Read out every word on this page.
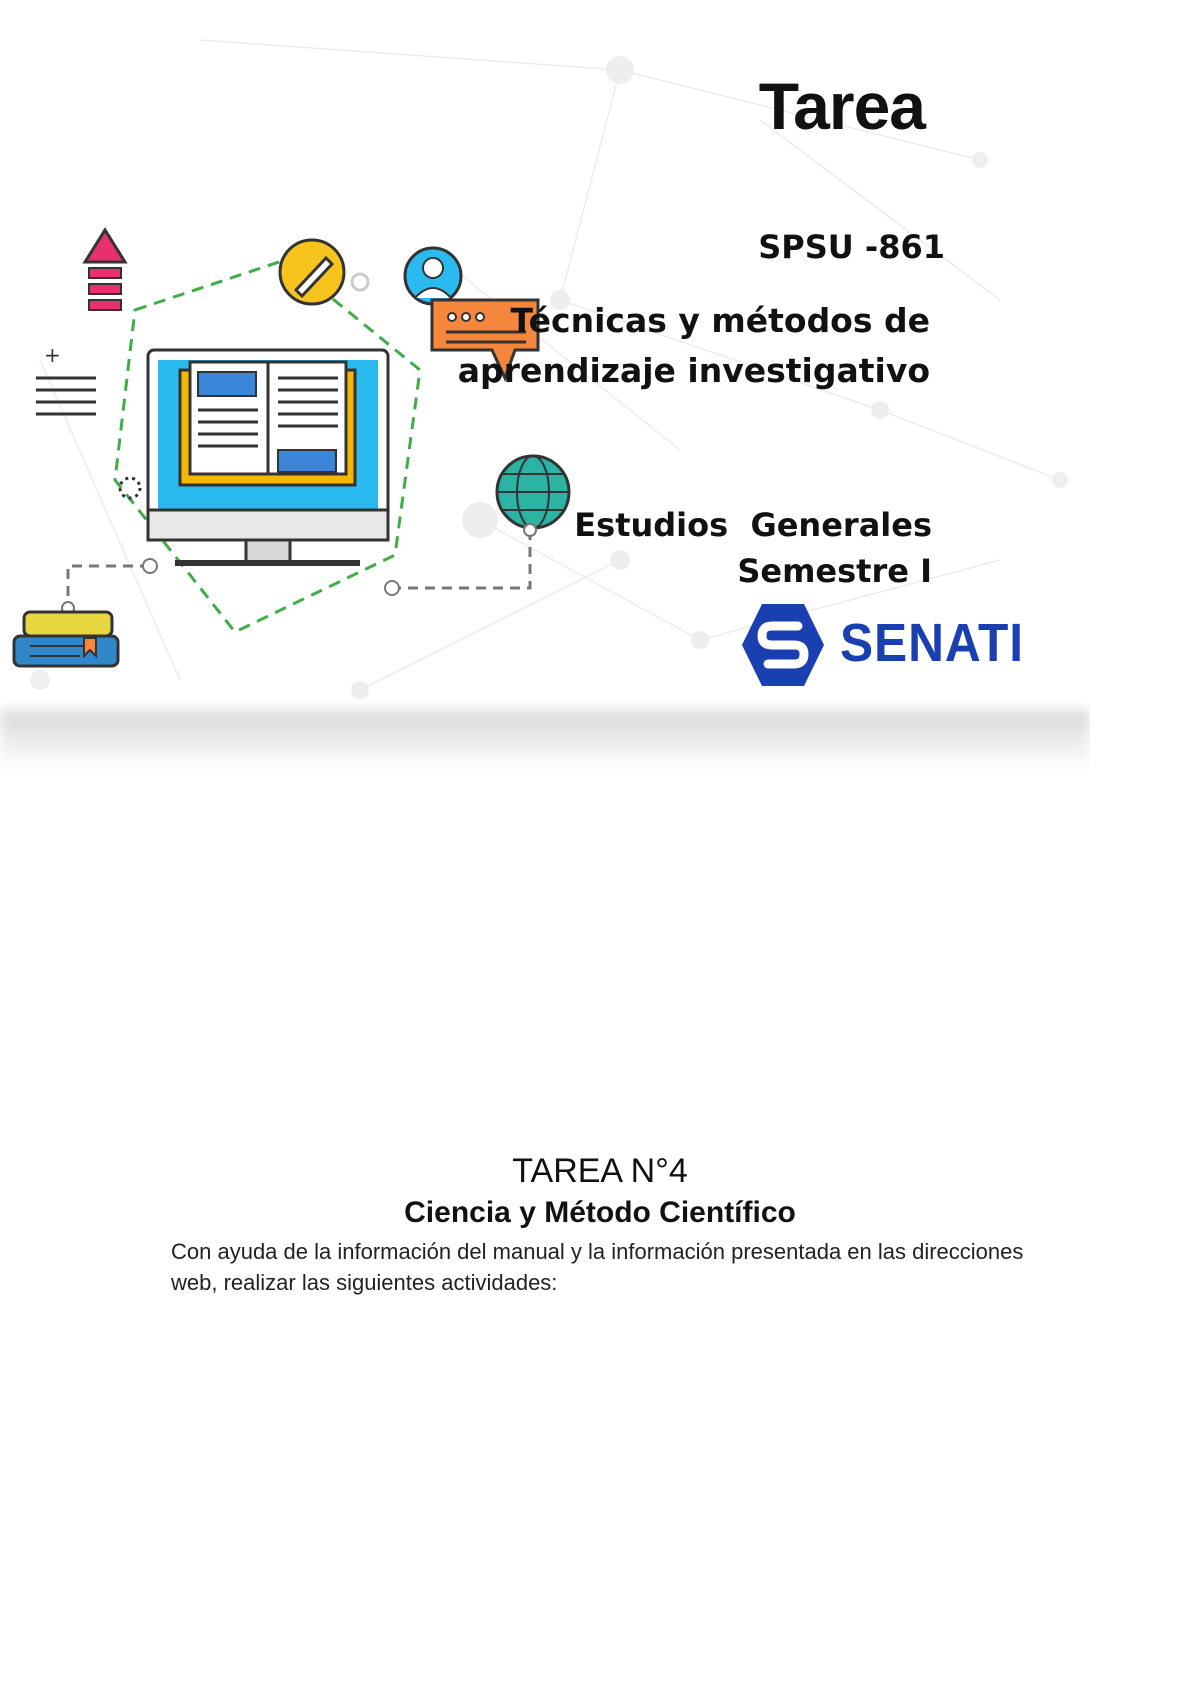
+
Tarea
SPSU -861
Técnicas y métodos de aprendizaje investigativo
Estudios  Generales
Semestre I
SENATI
TAREA N°4
Ciencia y Método Científico
Con ayuda de la información del manual y la información presentada en las direcciones web, realizar las siguientes actividades:
